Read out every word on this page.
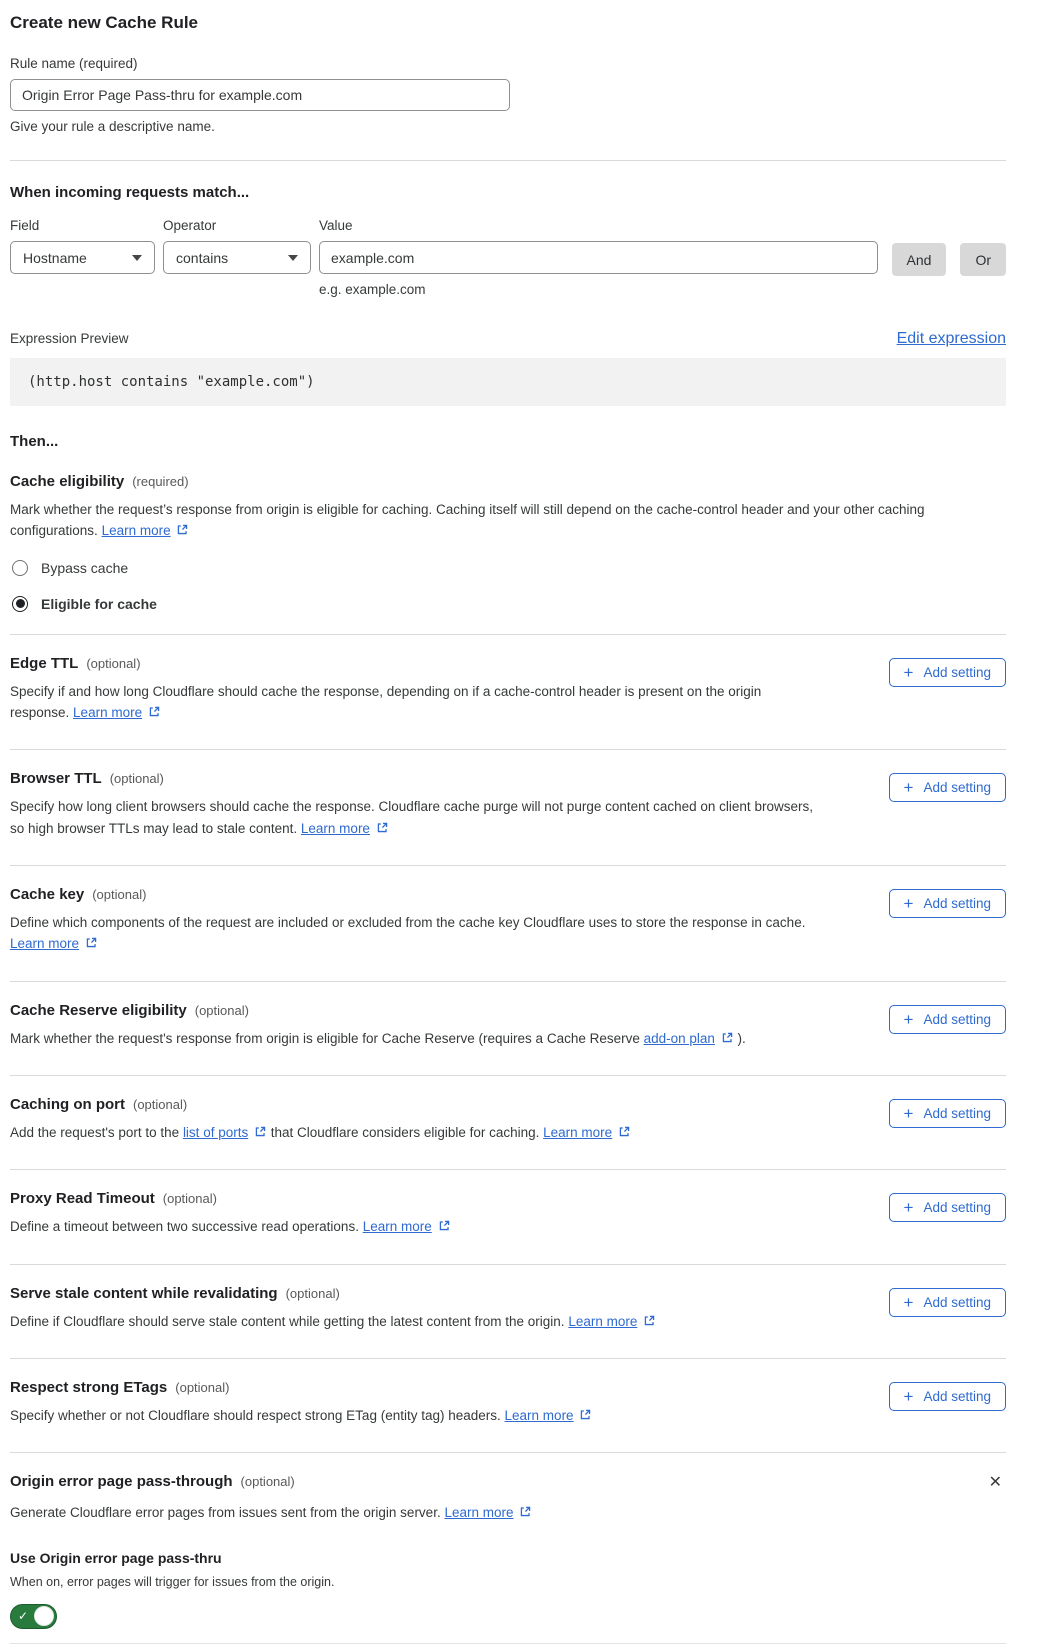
Create new Cache Rule
Rule name (required)
Origin Error Page Pass-thru for example.com
Give your rule a descriptive name.
When incoming requests match...
Field
Hostname
Operator
contains
Value
example.com
e.g. example.com
And	Or
Expression Preview	Edit expression
(http.host contains "example.com")
Then...
Cache eligibility (required)

Mark whether the request’s response from origin is eligible for caching. Caching itself will still depend on the cache-control header and your other caching configurations. Learn more

Bypass cache
Eligible for cache
Edge TTL (optional)

Specify if and how long Cloudflare should cache the response, depending on if a cache-control header is present on the origin response. Learn more

+ Add setting
Browser TTL (optional)

Specify how long client browsers should cache the response. Cloudflare cache purge will not purge content cached on client browsers, so high browser TTLs may lead to stale content. Learn more

+ Add setting
Cache key (optional)

Define which components of the request are included or excluded from the cache key Cloudflare uses to store the response in cache. Learn more

+ Add setting
Cache Reserve eligibility (optional)

Mark whether the request's response from origin is eligible for Cache Reserve (requires a Cache Reserve add-on plan
).

+ Add setting
Caching on port (optional)

Add the request's port to the list of ports
that Cloudflare considers eligible for caching. Learn more

+ Add setting
Proxy Read Timeout (optional)

Define a timeout between two successive read operations. Learn more

+ Add setting
Serve stale content while revalidating (optional)

Define if Cloudflare should serve stale content while getting the latest content from the origin. Learn more

+ Add setting
Respect strong ETags (optional)

Specify whether or not Cloudflare should respect strong ETag (entity tag) headers. Learn more

+ Add setting
Origin error page pass-through (optional)	✕

Generate Cloudflare error pages from issues sent from the origin server. Learn more

Use Origin error page pass-thru
When on, error pages will trigger for issues from the origin.
✓
